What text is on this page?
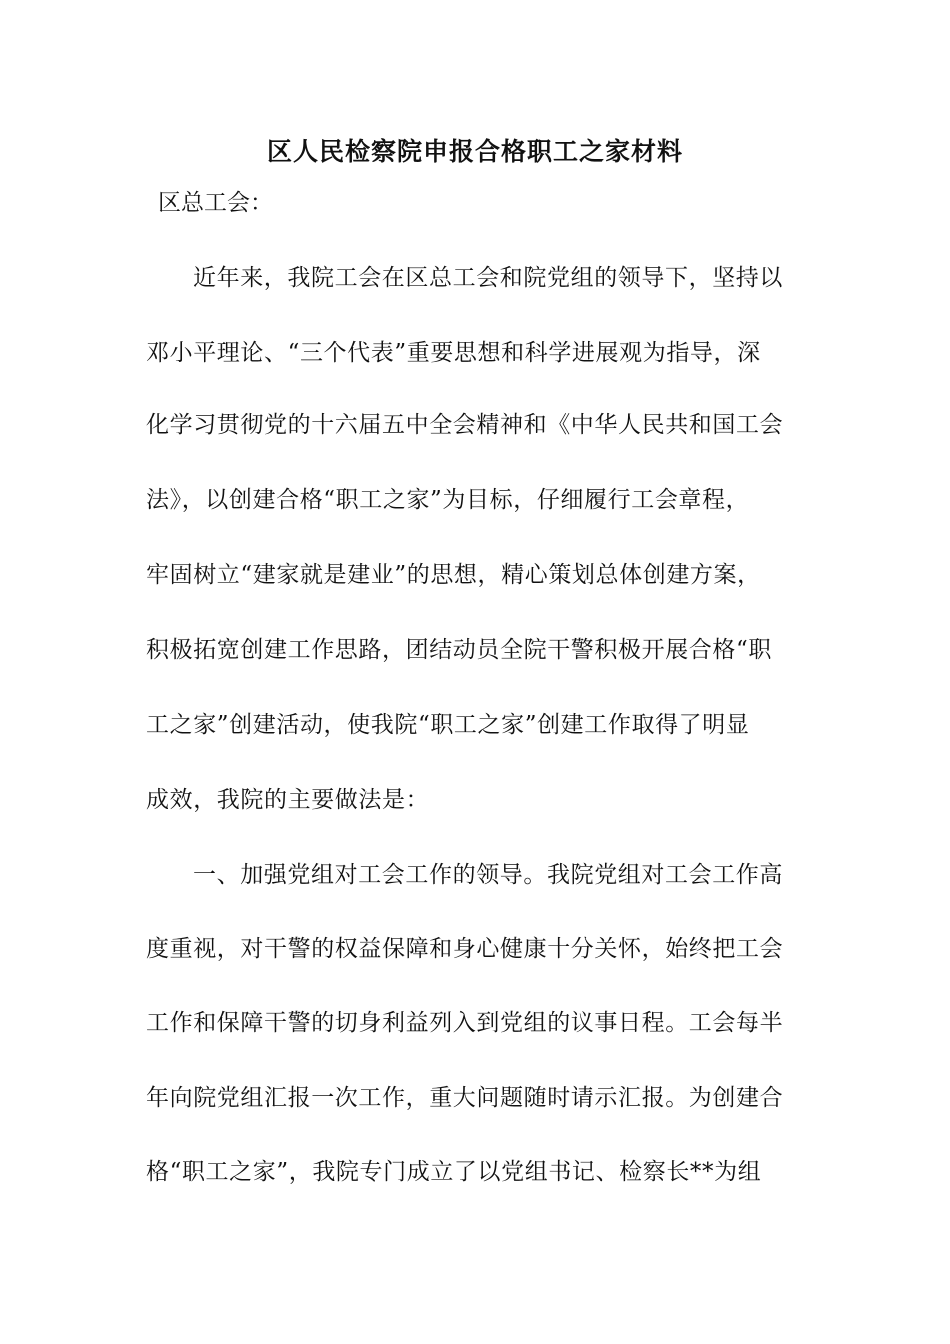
区人民检察院申报合格职工之家材料
区总工会：
近年来，我院工会在区总工会和院党组的领导下，坚持以
邓小平理论、“三个代表”重要思想和科学进展观为指导，深
化学习贯彻党的十六届五中全会精神和《中华人民共和国工会
法》，以创建合格“职工之家”为目标，仔细履行工会章程，
牢固树立“建家就是建业”的思想，精心策划总体创建方案，
积极拓宽创建工作思路，团结动员全院干警积极开展合格“职
工之家”创建活动，使我院“职工之家”创建工作取得了明显
成效，我院的主要做法是：
一、加强党组对工会工作的领导。我院党组对工会工作高
度重视，对干警的权益保障和身心健康十分关怀，始终把工会
工作和保障干警的切身利益列入到党组的议事日程。工会每半
年向院党组汇报一次工作，重大问题随时请示汇报。为创建合
格“职工之家”，我院专门成立了以党组书记、检察长**为组
